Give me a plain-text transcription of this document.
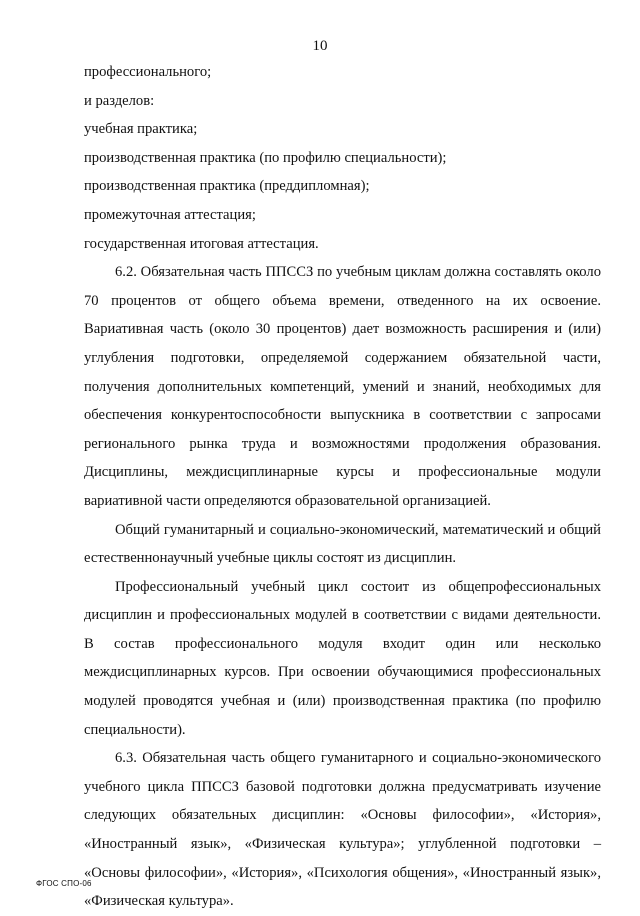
10

профессионального;

и разделов:

учебная практика;

производственная практика (по профилю специальности);

производственная практика (преддипломная);

промежуточная аттестация;

государственная итоговая аттестация.

6.2. Обязательная часть ППССЗ по учебным циклам должна составлять около 70 процентов от общего объема времени, отведенного на их освоение. Вариативная часть (около 30 процентов) дает возможность расширения и (или) углубления подготовки, определяемой содержанием обязательной части, получения дополнительных компетенций, умений и знаний, необходимых для обеспечения конкурентоспособности выпускника в соответствии с запросами регионального рынка труда и возможностями продолжения образования. Дисциплины, междисциплинарные курсы и профессиональные модули вариативной части определяются образовательной организацией.

Общий гуманитарный и социально-экономический, математический и общий естественнонаучный учебные циклы состоят из дисциплин.

Профессиональный учебный цикл состоит из общепрофессиональных дисциплин и профессиональных модулей в соответствии с видами деятельности. В состав профессионального модуля входит один или несколько междисциплинарных курсов. При освоении обучающимися профессиональных модулей проводятся учебная и (или) производственная практика (по профилю специальности).

6.3. Обязательная часть общего гуманитарного и социально-экономического учебного цикла ППССЗ базовой подготовки должна предусматривать изучение следующих обязательных дисциплин: «Основы философии», «История», «Иностранный язык», «Физическая культура»; углубленной подготовки – «Основы философии», «История», «Психология общения», «Иностранный язык», «Физическая культура».

ФГОС СПО-06
